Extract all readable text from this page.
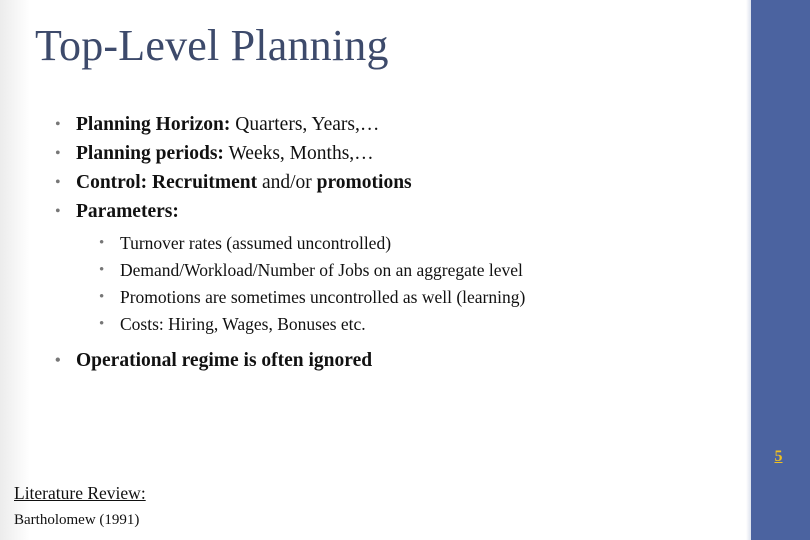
5
Top-Level Planning
• Planning Horizon: Quarters, Years,…
• Planning periods: Weeks, Months,…
• Control: Recruitment and/or promotions
• Parameters:
• Turnover rates (assumed uncontrolled)
• Demand/Workload/Number of Jobs on an aggregate level
• Promotions are sometimes uncontrolled as well (learning)
• Costs: Hiring, Wages, Bonuses etc.
• Operational regime is often ignored
Literature Review:
Bartholomew (1991)
